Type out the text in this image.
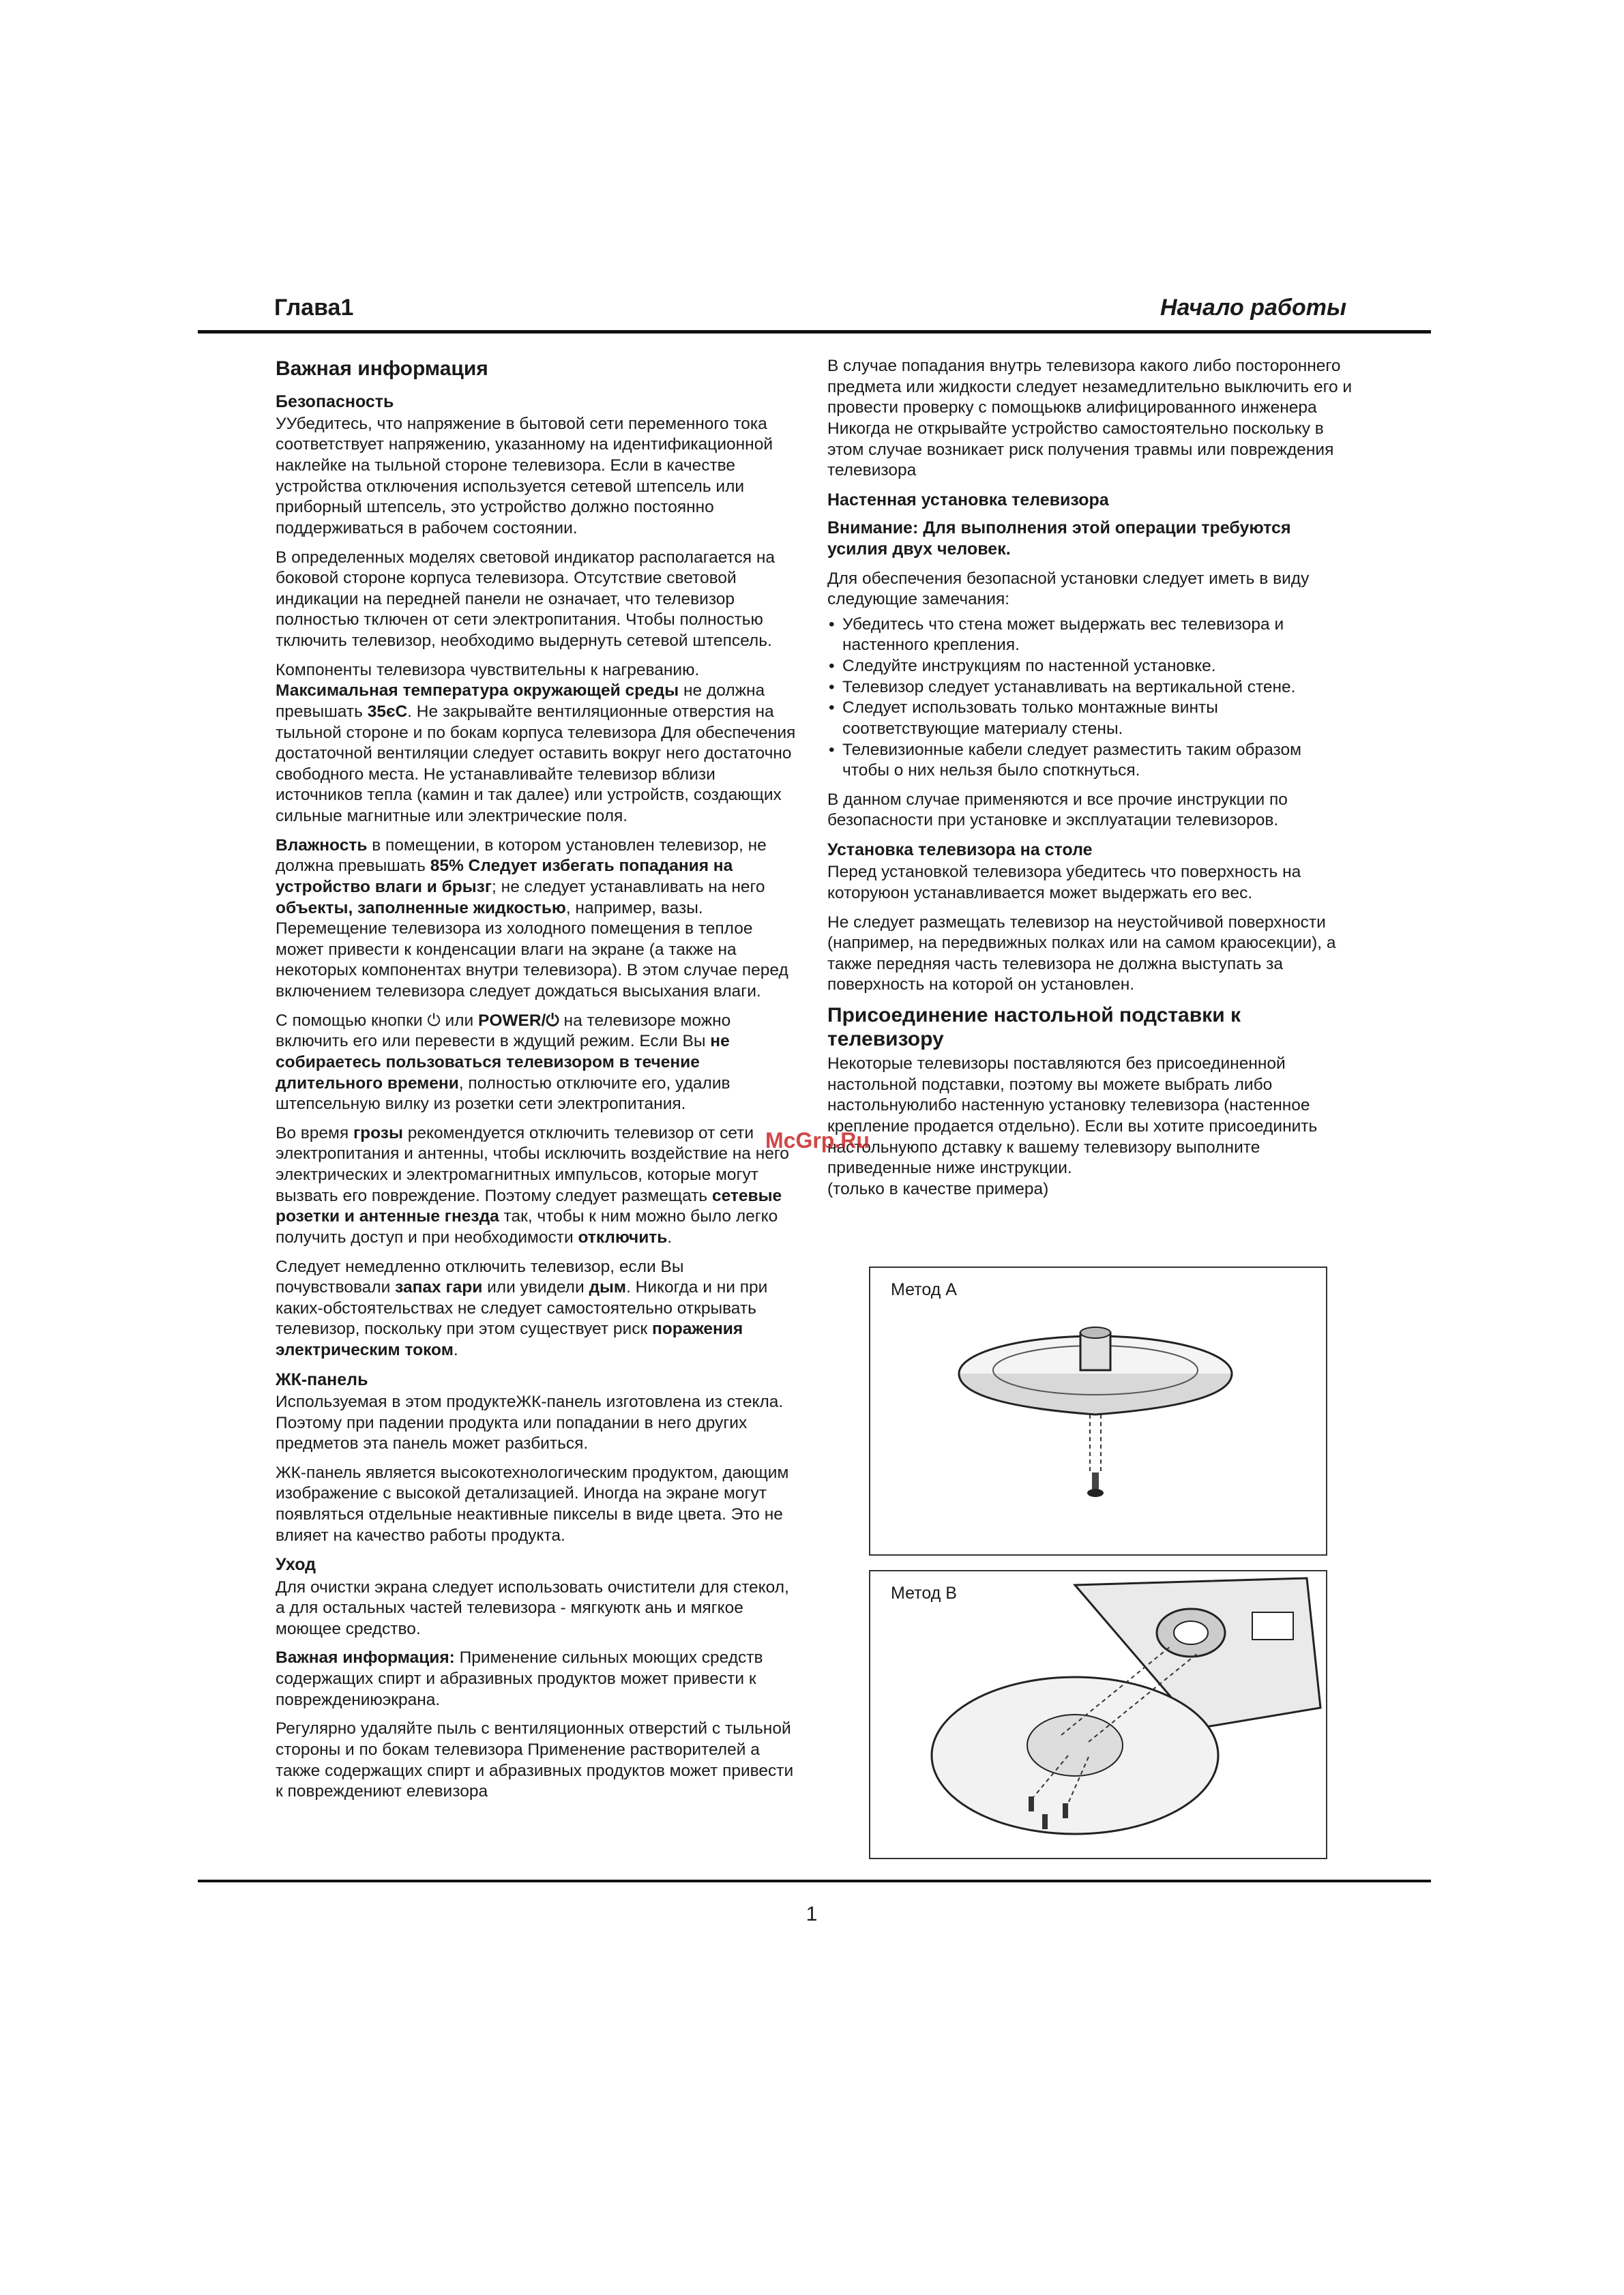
Глава1	Начало работы
Важная информация
Безопасность

УУбедитесь, что напряжение в бытовой сети переменного тока соответствует напряжению, указанному на идентификационной наклейке на тыльной стороне телевизора. Если в качестве устройства отключения используется сетевой штепсель или приборный штепсель, это устройство должно постоянно поддерживаться в рабочем состоянии.

В определенных моделях световой индикатор располагается на боковой стороне корпуса телевизора. Отсутствие световой индикации на передней панели не означает, что телевизор полностью тключен от сети электропитания. Чтобы полностью тключить телевизор, необходимо выдернуть сетевой штепсель.

Компоненты телевизора чувствительны к нагреванию. Максимальная температура окружающей среды не должна превышать 35єC. Не закрывайте вентиляционные отверстия на тыльной стороне и по бокам корпуса телевизора Для обеспечения достаточной вентиляции следует оставить вокруг него достаточно свободного места. Не устанавливайте телевизор вблизи источников тепла (камин и так далее) или устройств, создающих сильные магнитные или электрические поля.

Влажность в помещении, в котором установлен телевизор, не должна превышать 85% Следует избегать попадания на устройство влаги и брызг; не следует устанавливать на него объекты, заполненные жидкостью, например, вазы. Перемещение телевизора из холодного помещения в теплое может привести к конденсации влаги на экране (а также на некоторых компонентах внутри телевизора). В этом случае перед включением телевизора следует дождаться высыхания влаги.

С помощью кнопки ⏻ или POWER/⏻ на телевизоре можно включить его или перевести в ждущий режим. Если Вы не собираетесь пользоваться телевизором в течение длительного времени, полностью отключите его, удалив штепсельную вилку из розетки сети электропитания.

Во время грозы рекомендуется отключить телевизор от сети электропитания и антенны, чтобы исключить воздействие на него электрических и электромагнитных импульсов, которые могут вызвать его повреждение. Поэтому следует размещать сетевые розетки и антенные гнезда так, чтобы к ним можно было легко получить доступ и при необходимости отключить.

Следует немедленно отключить телевизор, если Вы почувствовали запах гари или увидели дым. Никогда и ни при каких-обстоятельствах не следует самостоятельно открывать телевизор, поскольку при этом существует риск поражения электрическим током.

ЖК-панель

Используемая в этом продуктеЖК-панель изготовлена из стекла. Поэтому при падении продукта или попадании в него других предметов эта панель может разбиться.

ЖК-панель является высокотехнологическим продуктом, дающим изображение с высокой детализацией. Иногда на экране могут появляться отдельные неактивные пикселы в виде цвета. Это не влияет на качество работы продукта.

Уход

Для очистки экрана следует использовать очистители для стекол, а для остальных частей телевизора - мягкуютк ань и мягкое моющее средство.

Важная информация: Применение сильных моющих средств содержащих спирт и абразивных продуктов может привести к повреждениюэкрана.

Регулярно удаляйте пыль с вентиляционных отверстий с тыльной стороны и по бокам телевизора Применение растворителей а также содержащих спирт и абразивных продуктов может привести к повреждениют елевизора

В случае попадания внутрь телевизора какого либо постороннего предмета или жидкости следует незамедлительно выключить его и провести проверку с помощьюкв алифицированного инженера Никогда не открывайте устройство самостоятельно поскольку в этом случае возникает риск получения травмы или повреждения телевизора

Настенная установка телевизора

Внимание: Для выполнения этой операции требуются усилия двух человек.

Для обеспечения безопасной установки следует иметь в виду следующие замечания:

• Убедитесь что стена может выдержать вес телевизора и настенного крепления.
• Следуйте инструкциям по настенной установке.
• Телевизор следует устанавливать на вертикальной стене.
• Следует использовать только монтажные винты соответствующие материалу стены.
• Телевизионные кабели следует разместить таким образом чтобы о них нельзя было споткнуться.

В данном случае применяются и все прочие инструкции по безопасности при установке и эксплуатации телевизоров.

Установка телевизора на столе

Перед установкой телевизора убедитесь что поверхность на которуюон устанавливается может выдержать его вес.

Не следует размещать телевизор на неустойчивой поверхности (например, на передвижных полках или на самом краюсекции), а также передняя часть телевизора не должна выступать за поверхность на которой он установлен.

Присоединение настольной подставки к телевизору

Некоторые телевизоры поставляются без присоединенной настольной подставки, поэтому вы можете выбрать либо настольнуюлибо настенную установку телевизора (настенное крепление продается отдельно). Если вы хотите присоединить настольнуюпо дставку к вашему телевизору выполните приведенные ниже инструкции.

(только в качестве примера)

McGrp.Ru
Метод A
Метод B
1
